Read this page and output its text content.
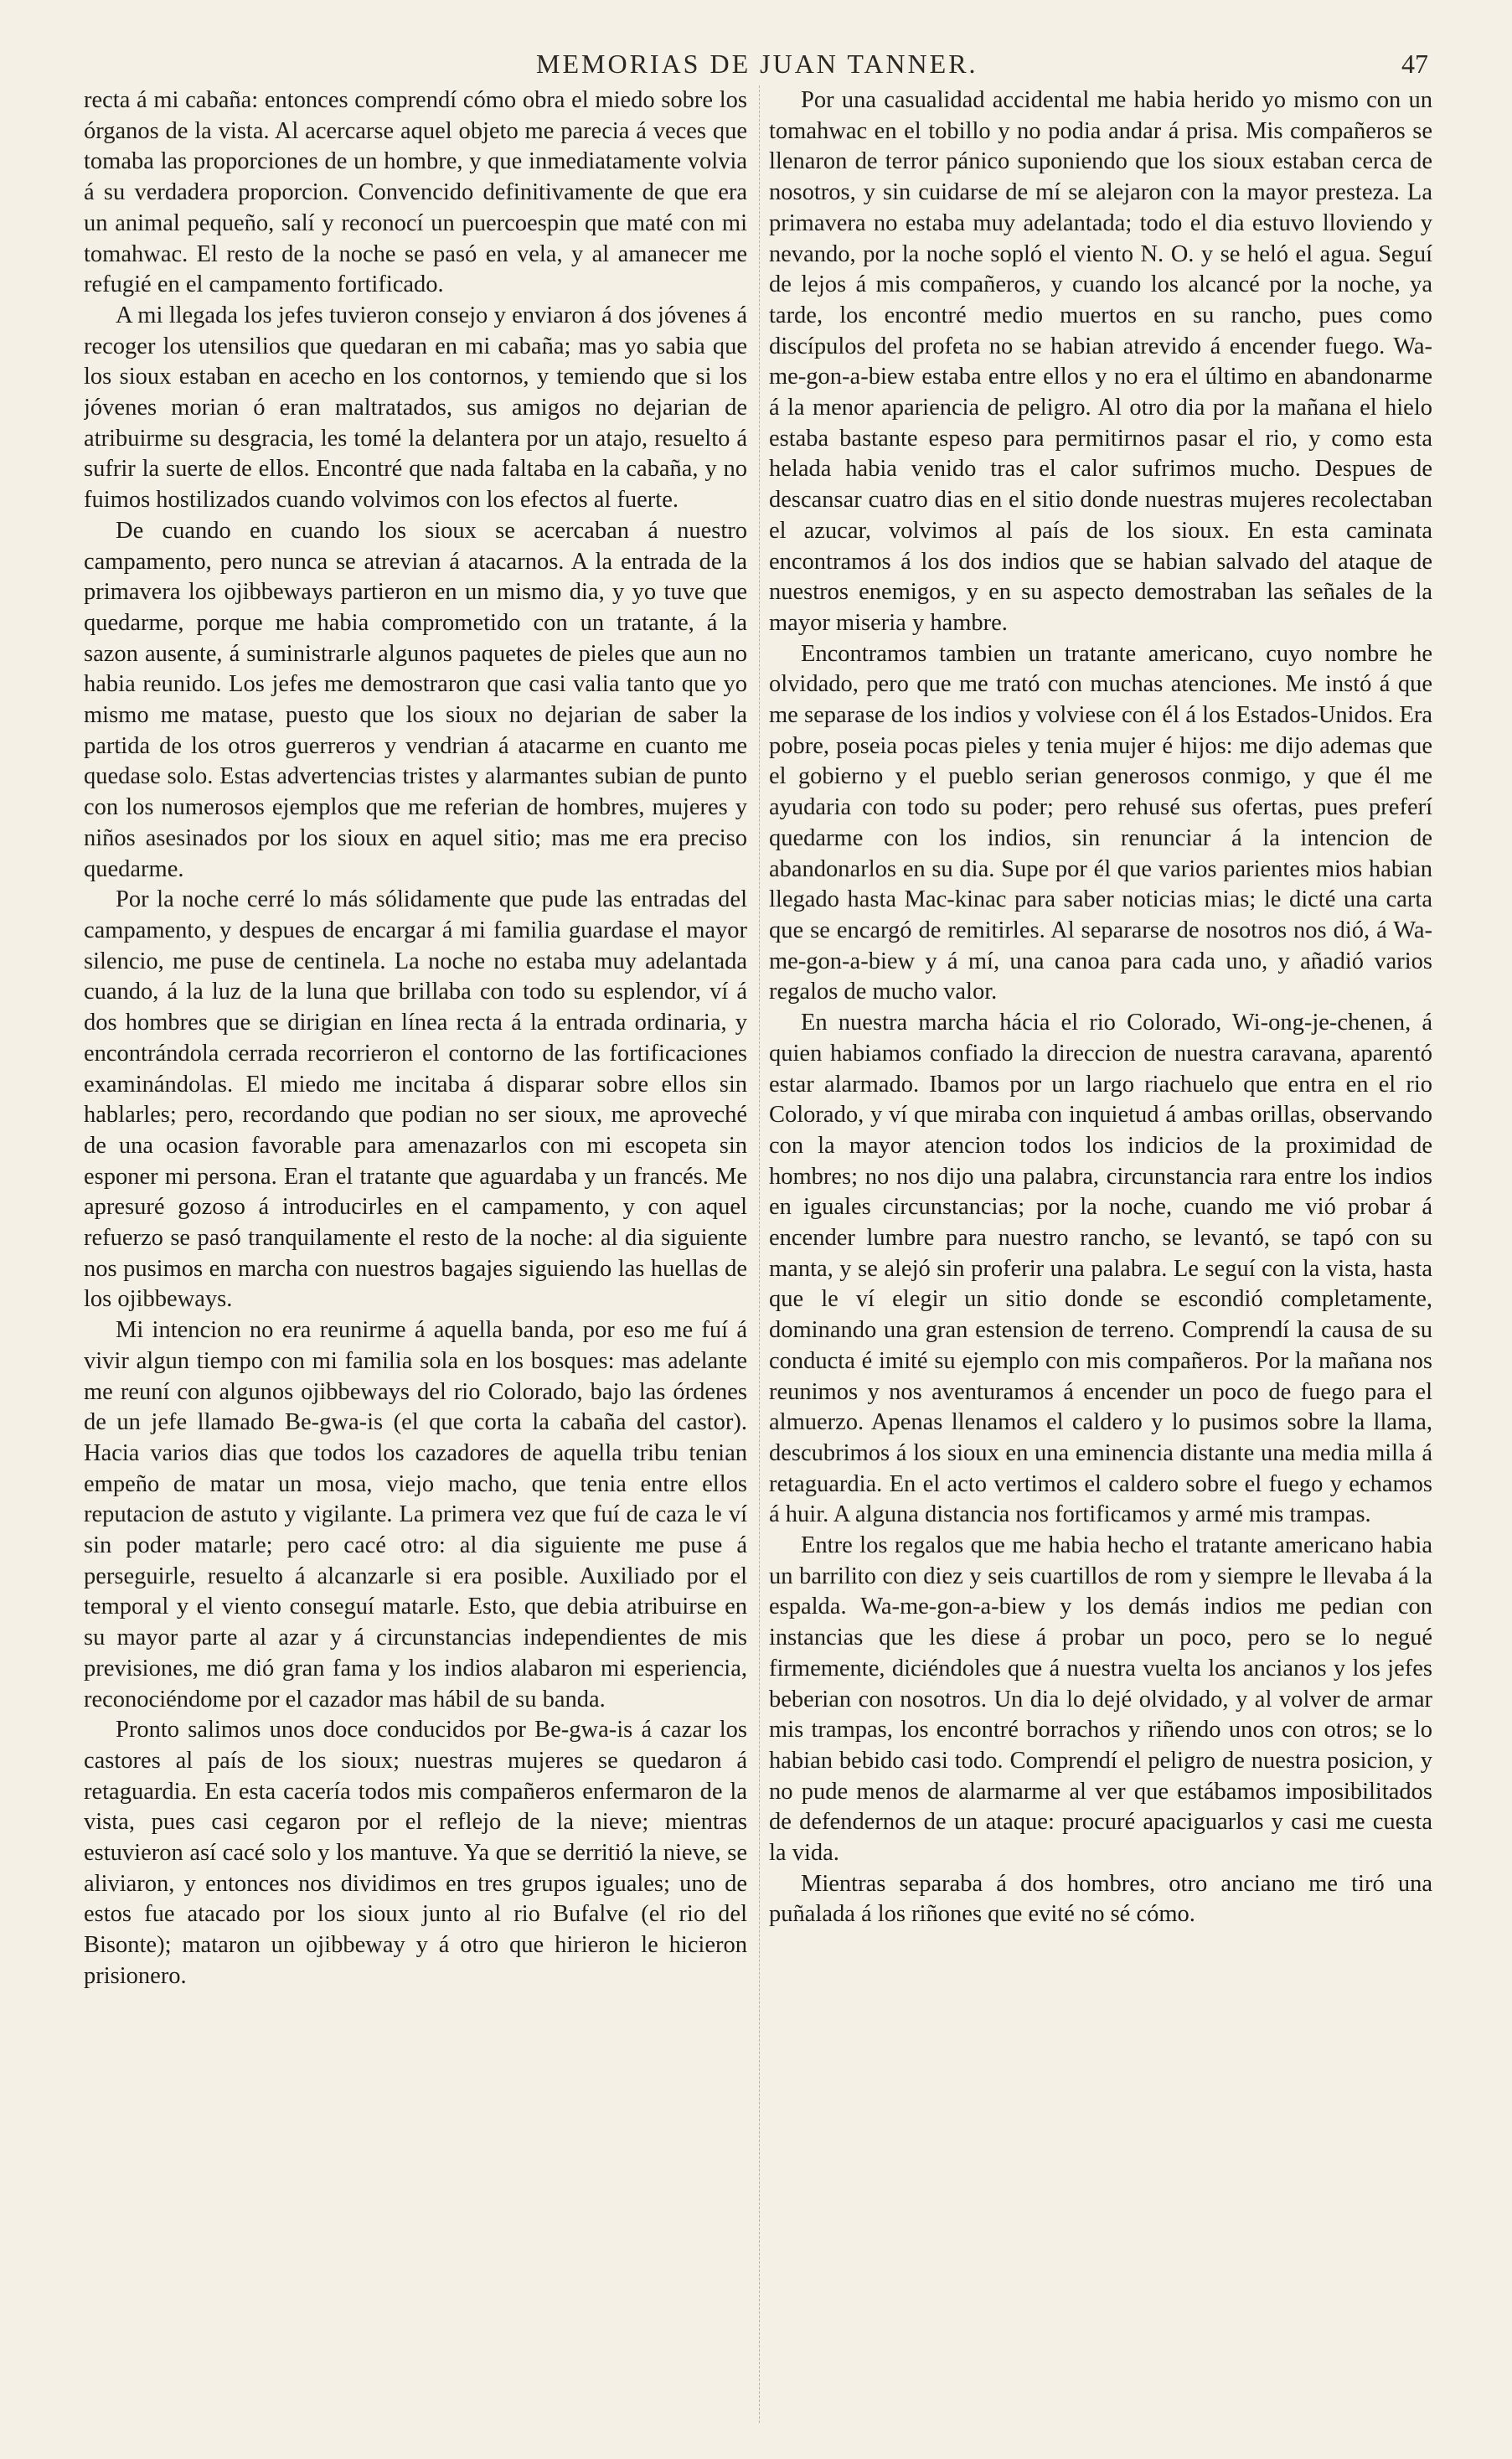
MEMORIAS DE JUAN TANNER.	47

recta á mi cabaña: entonces comprendí cómo obra el miedo sobre los órganos de la vista. Al acercarse aquel objeto me parecia á veces que tomaba las proporciones de un hombre, y que inmediatamente volvia á su verdadera proporcion. Convencido definitivamente de que era un animal pequeño, salí y reconocí un puercoespin que maté con mi tomahwac. El resto de la noche se pasó en vela, y al amanecer me refugié en el campamento fortificado.

A mi llegada los jefes tuvieron consejo y enviaron á dos jóvenes á recoger los utensilios que quedaran en mi cabaña; mas yo sabia que los sioux estaban en acecho en los contornos, y temiendo que si los jóvenes morian ó eran maltratados, sus amigos no dejarian de atribuirme su desgracia, les tomé la delantera por un atajo, resuelto á sufrir la suerte de ellos. Encontré que nada faltaba en la cabaña, y no fuimos hostilizados cuando volvimos con los efectos al fuerte.

De cuando en cuando los sioux se acercaban á nuestro campamento, pero nunca se atrevian á atacarnos. A la entrada de la primavera los ojibbeways partieron en un mismo dia, y yo tuve que quedarme, porque me habia comprometido con un tratante, á la sazon ausente, á suministrarle algunos paquetes de pieles que aun no habia reunido. Los jefes me demostraron que casi valia tanto que yo mismo me matase, puesto que los sioux no dejarian de saber la partida de los otros guerreros y vendrian á atacarme en cuanto me quedase solo. Estas advertencias tristes y alarmantes subian de punto con los numerosos ejemplos que me referian de hombres, mujeres y niños asesinados por los sioux en aquel sitio; mas me era preciso quedarme.

Por la noche cerré lo más sólidamente que pude las entradas del campamento, y despues de encargar á mi familia guardase el mayor silencio, me puse de centinela. La noche no estaba muy adelantada cuando, á la luz de la luna que brillaba con todo su esplendor, ví á dos hombres que se dirigian en línea recta á la entrada ordinaria, y encontrándola cerrada recorrieron el contorno de las fortificaciones examinándolas. El miedo me incitaba á disparar sobre ellos sin hablarles; pero, recordando que podian no ser sioux, me aproveché de una ocasion favorable para amenazarlos con mi escopeta sin esponer mi persona. Eran el tratante que aguardaba y un francés. Me apresuré gozoso á introducirles en el campamento, y con aquel refuerzo se pasó tranquilamente el resto de la noche: al dia siguiente nos pusimos en marcha con nuestros bagajes siguiendo las huellas de los ojibbeways.

Mi intencion no era reunirme á aquella banda, por eso me fuí á vivir algun tiempo con mi familia sola en los bosques: mas adelante me reuní con algunos ojibbeways del rio Colorado, bajo las órdenes de un jefe llamado Be-gwa-is (el que corta la cabaña del castor). Hacia varios dias que todos los cazadores de aquella tribu tenian empeño de matar un mosa, viejo macho, que tenia entre ellos reputacion de astuto y vigilante. La primera vez que fuí de caza le ví sin poder matarle; pero cacé otro: al dia siguiente me puse á perseguirle, resuelto á alcanzarle si era posible. Auxiliado por el temporal y el viento conseguí matarle. Esto, que debia atribuirse en su mayor parte al azar y á circunstancias independientes de mis previsiones, me dió gran fama y los indios alabaron mi esperiencia, reconociéndome por el cazador mas hábil de su banda.

Pronto salimos unos doce conducidos por Be-gwa-is á cazar los castores al país de los sioux; nuestras mujeres se quedaron á retaguardia. En esta cacería todos mis compañeros enfermaron de la vista, pues casi cegaron por el reflejo de la nieve; mientras estuvieron así cacé solo y los mantuve. Ya que se derritió la nieve, se aliviaron, y entonces nos dividimos en tres grupos iguales; uno de estos fue atacado por los sioux junto al rio Bufalve (el rio del Bisonte); mataron un ojibbeway y á otro que hirieron le hicieron prisionero.

Por una casualidad accidental me habia herido yo mismo con un tomahwac en el tobillo y no podia andar á prisa. Mis compañeros se llenaron de terror pánico suponiendo que los sioux estaban cerca de nosotros, y sin cuidarse de mí se alejaron con la mayor presteza. La primavera no estaba muy adelantada; todo el dia estuvo lloviendo y nevando, por la noche sopló el viento N. O. y se heló el agua. Seguí de lejos á mis compañeros, y cuando los alcancé por la noche, ya tarde, los encontré medio muertos en su rancho, pues como discípulos del profeta no se habian atrevido á encender fuego. Wa-me-gon-a-biew estaba entre ellos y no era el último en abandonarme á la menor apariencia de peligro. Al otro dia por la mañana el hielo estaba bastante espeso para permitirnos pasar el rio, y como esta helada habia venido tras el calor sufrimos mucho. Despues de descansar cuatro dias en el sitio donde nuestras mujeres recolectaban el azucar, volvimos al país de los sioux. En esta caminata encontramos á los dos indios que se habian salvado del ataque de nuestros enemigos, y en su aspecto demostraban las señales de la mayor miseria y hambre.

Encontramos tambien un tratante americano, cuyo nombre he olvidado, pero que me trató con muchas atenciones. Me instó á que me separase de los indios y volviese con él á los Estados-Unidos. Era pobre, poseia pocas pieles y tenia mujer é hijos: me dijo ademas que el gobierno y el pueblo serian generosos conmigo, y que él me ayudaria con todo su poder; pero rehusé sus ofertas, pues preferí quedarme con los indios, sin renunciar á la intencion de abandonarlos en su dia. Supe por él que varios parientes mios habian llegado hasta Mac-kinac para saber noticias mias; le dicté una carta que se encargó de remitirles. Al separarse de nosotros nos dió, á Wa-me-gon-a-biew y á mí, una canoa para cada uno, y añadió varios regalos de mucho valor.

En nuestra marcha hácia el rio Colorado, Wi-ong-je-chenen, á quien habiamos confiado la direccion de nuestra caravana, aparentó estar alarmado. Ibamos por un largo riachuelo que entra en el rio Colorado, y ví que miraba con inquietud á ambas orillas, observando con la mayor atencion todos los indicios de la proximidad de hombres; no nos dijo una palabra, circunstancia rara entre los indios en iguales circunstancias; por la noche, cuando me vió probar á encender lumbre para nuestro rancho, se levantó, se tapó con su manta, y se alejó sin proferir una palabra. Le seguí con la vista, hasta que le ví elegir un sitio donde se escondió completamente, dominando una gran estension de terreno. Comprendí la causa de su conducta é imité su ejemplo con mis compañeros. Por la mañana nos reunimos y nos aventuramos á encender un poco de fuego para el almuerzo. Apenas llenamos el caldero y lo pusimos sobre la llama, descubrimos á los sioux en una eminencia distante una media milla á retaguardia. En el acto vertimos el caldero sobre el fuego y echamos á huir. A alguna distancia nos fortificamos y armé mis trampas.

Entre los regalos que me habia hecho el tratante americano habia un barrilito con diez y seis cuartillos de rom y siempre le llevaba á la espalda. Wa-me-gon-a-biew y los demás indios me pedian con instancias que les diese á probar un poco, pero se lo negué firmemente, diciéndoles que á nuestra vuelta los ancianos y los jefes beberian con nosotros. Un dia lo dejé olvidado, y al volver de armar mis trampas, los encontré borrachos y riñendo unos con otros; se lo habian bebido casi todo. Comprendí el peligro de nuestra posicion, y no pude menos de alarmarme al ver que estábamos imposibilitados de defendernos de un ataque: procuré apaciguarlos y casi me cuesta la vida.

Mientras separaba á dos hombres, otro anciano me tiró una puñalada á los riñones que evité no sé cómo.
